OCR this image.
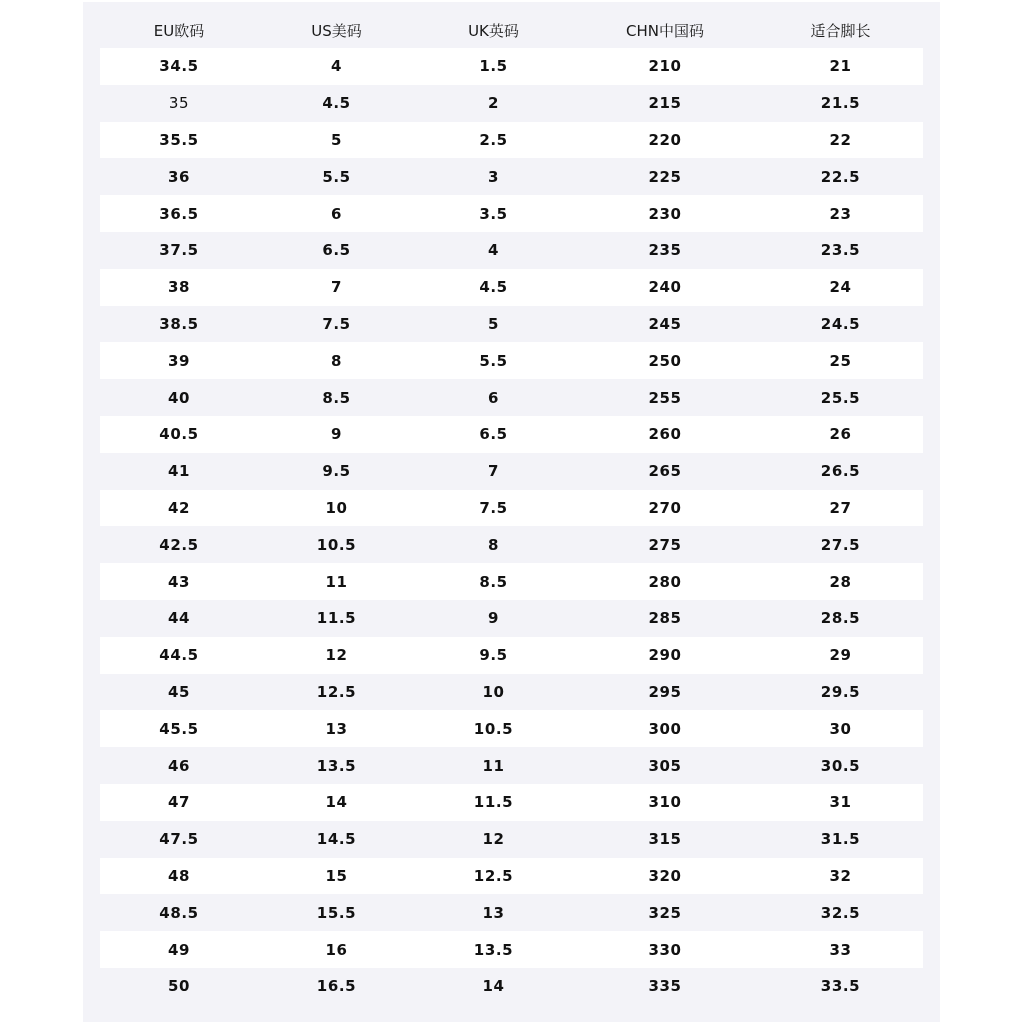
EU欧码	US美码	UK英码	CHN中国码	适合脚长
34.5	4	1.5	210	21
35	4.5	2	215	21.5
35.5	5	2.5	220	22
36	5.5	3	225	22.5
36.5	6	3.5	230	23
37.5	6.5	4	235	23.5
38	7	4.5	240	24
38.5	7.5	5	245	24.5
39	8	5.5	250	25
40	8.5	6	255	25.5
40.5	9	6.5	260	26
41	9.5	7	265	26.5
42	10	7.5	270	27
42.5	10.5	8	275	27.5
43	11	8.5	280	28
44	11.5	9	285	28.5
44.5	12	9.5	290	29
45	12.5	10	295	29.5
45.5	13	10.5	300	30
46	13.5	11	305	30.5
47	14	11.5	310	31
47.5	14.5	12	315	31.5
48	15	12.5	320	32
48.5	15.5	13	325	32.5
49	16	13.5	330	33
50	16.5	14	335	33.5
